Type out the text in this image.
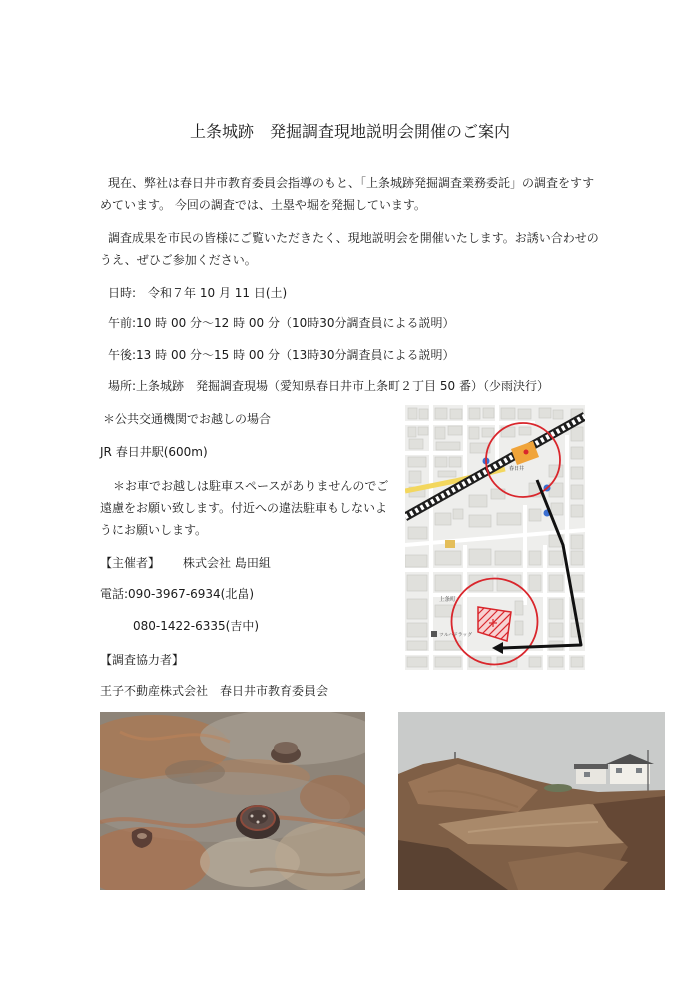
上条城跡　発掘調査現地説明会開催のご案内
現在、弊社は春日井市教育委員会指導のもと、「上条城跡発掘調査業務委託」の調査をすす
めています。 今回の調査では、土塁や堀を発掘しています。
調査成果を市民の皆様にご覧いただきたく、現地説明会を開催いたします。お誘い合わせの
うえ、ぜひご参加ください。
日時:　令和７年 10 月 11 日(土)
午前:10 時 00 分～12 時 00 分（10時30分調査員による説明）
午後:13 時 00 分～15 時 00 分（13時30分調査員による説明）
場所:上条城跡　発掘調査現場（愛知県春日井市上条町２丁目 50 番）（少雨決行）
＊公共交通機関でお越しの場合
JR 春日井駅(600m)
＊お車でお越しは駐車スペースがありませんのでご
遠慮をお願い致します。付近への違法駐車もしないよ
うにお願いします。
【主催者】 株式会社 島田組
電話:090-3967-6934(北畠)
080-1422-6335(吉中)
【調査協力者】
王子不動産株式会社　春日井市教育委員会
春日井
上条町
ツルハドラッグ
